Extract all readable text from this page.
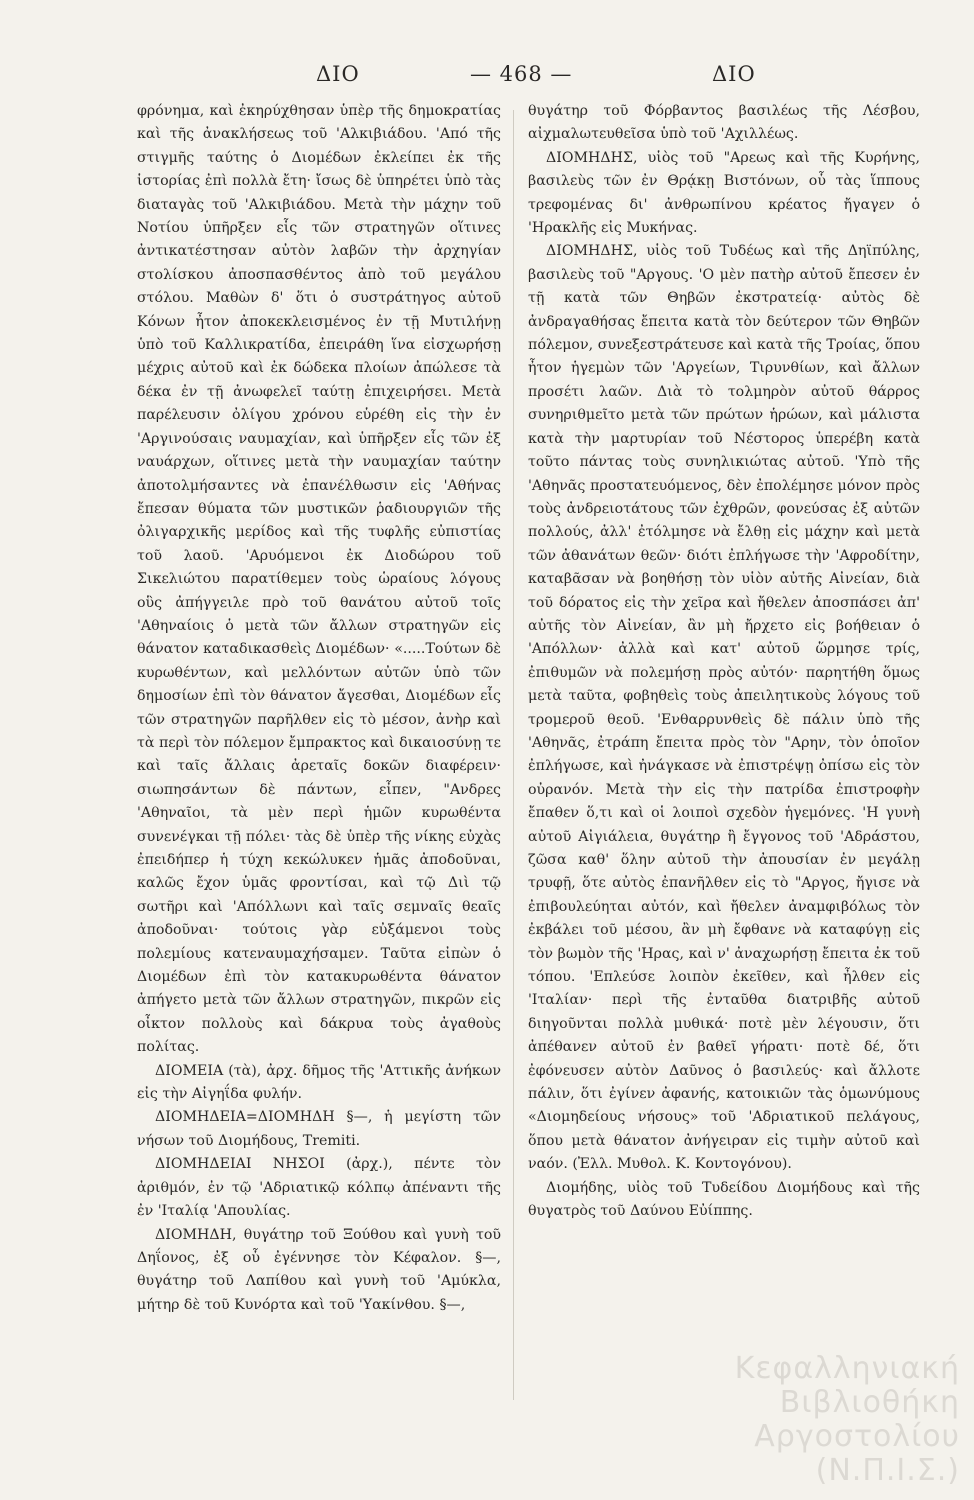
ΔΙΟ	— 468 —	ΔΙΟ

φρόνημα, καὶ ἐκηρύχθησαν ὑπὲρ τῆς δημοκρατίας καὶ τῆς ἀνακλήσεως τοῦ 'Αλκιβιάδου. 'Από τῆς στιγμῆς ταύτης ὁ Διομέδων ἐκλείπει ἐκ τῆς ἱστορίας ἐπὶ πολλὰ ἔτη· ἴσως δὲ ὑπηρέτει ὑπὸ τὰς διαταγὰς τοῦ 'Αλκιβιάδου. Μετὰ τὴν μάχην τοῦ Νοτίου ὑπῆρξεν εἷς τῶν στρατηγῶν οἵτινες ἀντικατέστησαν αὐτὸν λαβῶν τὴν ἀρχηγίαν στολίσκου ἀποσπασθέντος ἀπὸ τοῦ μεγάλου στόλου. Μαθὼν δ' ὅτι ὁ συστράτηγος αὐτοῦ Κόνων ἦτον ἀποκεκλεισμένος ἐν τῇ Μυτιλήνῃ ὑπὸ τοῦ Καλλικρατίδα, ἐπειράθη ἵνα εἰσχωρήσῃ μέχρις αὐτοῦ καὶ ἐκ δώδεκα πλοίων ἀπώλεσε τὰ δέκα ἐν τῇ ἀνωφελεῖ ταύτῃ ἐπιχειρήσει. Μετὰ παρέλευσιν ὀλίγου χρόνου εὑρέθη εἰς τὴν ἐν 'Αργινούσαις ναυμαχίαν, καὶ ὑπῆρξεν εἷς τῶν ἐξ ναυάρχων, οἵτινες μετὰ τὴν ναυμαχίαν ταύτην ἀποτολμήσαντες νὰ ἐπανέλθωσιν εἰς 'Αθήνας ἔπεσαν θύματα τῶν μυστικῶν ῥαδιουργιῶν τῆς ὀλιγαρχικῆς μερίδος καὶ τῆς τυφλῆς εὐπιστίας τοῦ λαοῦ. 'Αρυόμενοι ἐκ Διοδώρου τοῦ Σικελιώτου παρατίθεμεν τοὺς ὡραίους λόγους οὓς ἀπήγγειλε πρὸ τοῦ θανάτου αὐτοῦ τοῖς 'Αθηναίοις ὁ μετὰ τῶν ἄλλων στρατηγῶν εἰς θάνατον καταδικασθεὶς Διομέδων· «.....Τούτων δὲ κυρωθέντων, καὶ μελλόντων αὐτῶν ὑπὸ τῶν δημοσίων ἐπὶ τὸν θάνατον ἄγεσθαι, Διομέδων εἷς τῶν στρατηγῶν παρῆλθεν εἰς τὸ μέσον, ἀνὴρ καὶ τὰ περὶ τὸν πόλεμον ἔμπρακτος καὶ δικαιοσύνῃ τε καὶ ταῖς ἄλλαις ἀρεταῖς δοκῶν διαφέρειν· σιωπησάντων δὲ πάντων, εἶπεν, "Ανδρες 'Αθηναῖοι, τὰ μὲν περὶ ἡμῶν κυρωθέντα συνενέγκαι τῇ πόλει· τὰς δὲ ὑπὲρ τῆς νίκης εὐχὰς ἐπειδήπερ ἡ τύχη κεκώλυκεν ἡμᾶς ἀποδοῦναι, καλῶς ἔχον ὑμᾶς φροντίσαι, καὶ τῷ Διὶ τῷ σωτῆρι καὶ 'Απόλλωνι καὶ ταῖς σεμναῖς θεαῖς ἀποδοῦναι· τούτοις γὰρ εὐξάμενοι τοὺς πολεμίους κατεναυμαχήσαμεν. Ταῦτα εἰπὼν ὁ Διομέδων ἐπὶ τὸν κατακυρωθέντα θάνατον ἀπήγετο μετὰ τῶν ἄλλων στρατηγῶν, πικρῶν εἰς οἶκτον πολλοὺς καὶ δάκρυα τοὺς ἀγαθοὺς πολίτας.

ΔΙΟΜΕΙΑ (τὰ), ἀρχ. δῆμος τῆς 'Αττικῆς ἀνήκων εἰς τὴν Αἰγηΐδα φυλήν.

ΔΙΟΜΗΔΕΙΑ=ΔΙΟΜΗΔΗ §—, ἡ μεγίστη τῶν νήσων τοῦ Διομήδους, Tremiti.

ΔΙΟΜΗΔΕΙΑΙ ΝΗΣΟΙ (ἀρχ.), πέντε τὸν ἀριθμόν, ἐν τῷ 'Αδριατικῷ κόλπῳ ἀπέναντι τῆς ἐν 'Ιταλίᾳ 'Απουλίας.

ΔΙΟΜΗΔΗ, θυγάτηρ τοῦ Ξούθου καὶ γυνὴ τοῦ Δηΐονος, ἐξ οὗ ἐγέννησε τὸν Κέφαλον. §—, θυγάτηρ τοῦ Λαπίθου καὶ γυνὴ τοῦ 'Αμύκλα, μήτηρ δὲ τοῦ Κυνόρτα καὶ τοῦ 'Υακίνθου. §—,

θυγάτηρ τοῦ Φόρβαντος βασιλέως τῆς Λέσβου, αἰχμαλωτευθεῖσα ὑπὸ τοῦ 'Αχιλλέως.

ΔΙΟΜΗΔΗΣ, υἱὸς τοῦ "Αρεως καὶ τῆς Κυρήνης, βασιλεὺς τῶν ἐν Θρᾴκῃ Βιστόνων, οὗ τὰς ἵππους τρεφομένας δι' ἀνθρωπίνου κρέατος ἤγαγεν ὁ 'Ηρακλῆς εἰς Μυκήνας.

ΔΙΟΜΗΔΗΣ, υἱὸς τοῦ Τυδέως καὶ τῆς Δηϊπύλης, βασιλεὺς τοῦ "Αργους. 'Ο μὲν πατὴρ αὐτοῦ ἔπεσεν ἐν τῇ κατὰ τῶν Θηβῶν ἐκστρατείᾳ· αὐτὸς δὲ ἀνδραγαθήσας ἔπειτα κατὰ τὸν δεύτερον τῶν Θηβῶν πόλεμον, συνεξεστράτευσε καὶ κατὰ τῆς Τροίας, ὅπου ἦτον ἡγεμὼν τῶν 'Αργείων, Τιρυνθίων, καὶ ἄλλων προσέτι λαῶν. Διὰ τὸ τολμηρὸν αὐτοῦ θάρρος συνηριθμεῖτο μετὰ τῶν πρώτων ἡρώων, καὶ μάλιστα κατὰ τὴν μαρτυρίαν τοῦ Νέστορος ὑπερέβη κατὰ τοῦτο πάντας τοὺς συνηλικιώτας αὐτοῦ. 'Υπὸ τῆς 'Αθηνᾶς προστατευόμενος, δὲν ἐπολέμησε μόνον πρὸς τοὺς ἀνδρειοτάτους τῶν ἐχθρῶν, φονεύσας ἐξ αὐτῶν πολλούς, ἀλλ' ἐτόλμησε νὰ ἔλθῃ εἰς μάχην καὶ μετὰ τῶν ἀθανάτων θεῶν· διότι ἐπλήγωσε τὴν 'Αφροδίτην, καταβᾶσαν νὰ βοηθήσῃ τὸν υἱὸν αὐτῆς Αἰνείαν, διὰ τοῦ δόρατος εἰς τὴν χεῖρα καὶ ἤθελεν ἀποσπάσει ἀπ' αὐτῆς τὸν Αἰνείαν, ἂν μὴ ἤρχετο εἰς βοήθειαν ὁ 'Απόλλων· ἀλλὰ καὶ κατ' αὐτοῦ ὥρμησε τρίς, ἐπιθυμῶν νὰ πολεμήσῃ πρὸς αὐτόν· παρητήθη ὅμως μετὰ ταῦτα, φοβηθεὶς τοὺς ἀπειλητικοὺς λόγους τοῦ τρομεροῦ θεοῦ. 'Ενθαρρυνθεὶς δὲ πάλιν ὑπὸ τῆς 'Αθηνᾶς, ἐτράπη ἔπειτα πρὸς τὸν "Αρην, τὸν ὁποῖον ἐπλήγωσε, καὶ ἠνάγκασε νὰ ἐπιστρέψῃ ὀπίσω εἰς τὸν οὐρανόν. Μετὰ τὴν εἰς τὴν πατρίδα ἐπιστροφὴν ἔπαθεν ὅ,τι καὶ οἱ λοιποὶ σχεδὸν ἡγεμόνες. 'Η γυνὴ αὐτοῦ Αἰγιάλεια, θυγάτηρ ἢ ἔγγονος τοῦ 'Αδράστου, ζῶσα καθ' ὅλην αὐτοῦ τὴν ἀπουσίαν ἐν μεγάλῃ τρυφῇ, ὅτε αὐτὸς ἐπανῆλθεν εἰς τὸ "Αργος, ἤγισε νὰ ἐπιβουλεύηται αὐτόν, καὶ ἤθελεν ἀναμφιβόλως τὸν ἐκβάλει τοῦ μέσου, ἂν μὴ ἔφθανε νὰ καταφύγῃ εἰς τὸν βωμὸν τῆς 'Ηρας, καὶ ν' ἀναχωρήσῃ ἔπειτα ἐκ τοῦ τόπου. 'Επλεύσε λοιπὸν ἐκεῖθεν, καὶ ἦλθεν εἰς 'Ιταλίαν· περὶ τῆς ἐνταῦθα διατριβῆς αὐτοῦ διηγοῦνται πολλὰ μυθικά· ποτὲ μὲν λέγουσιν, ὅτι ἀπέθανεν αὐτοῦ ἐν βαθεῖ γήρατι· ποτὲ δέ, ὅτι ἐφόνευσεν αὐτὸν Δαῦνος ὁ βασιλεύς· καὶ ἄλλοτε πάλιν, ὅτι ἐγίνεν ἀφανής, κατοικιῶν τὰς ὁμωνύμους «Διομηδείους νήσους» τοῦ 'Αδριατικοῦ πελάγους, ὅπου μετὰ θάνατον ἀνήγειραν εἰς τιμὴν αὐτοῦ καὶ ναόν. (Ἐλλ. Μυθολ. Κ. Κοντογόνου).

Διομήδης, υἱὸς τοῦ Τυδείδου Διομήδους καὶ τῆς θυγατρὸς τοῦ Δαύνου Εὐίππης.

Κεφαλληνιακή Βιβλιοθήκη
Αργοστολίου (Ν.Π.Ι.Σ.)
